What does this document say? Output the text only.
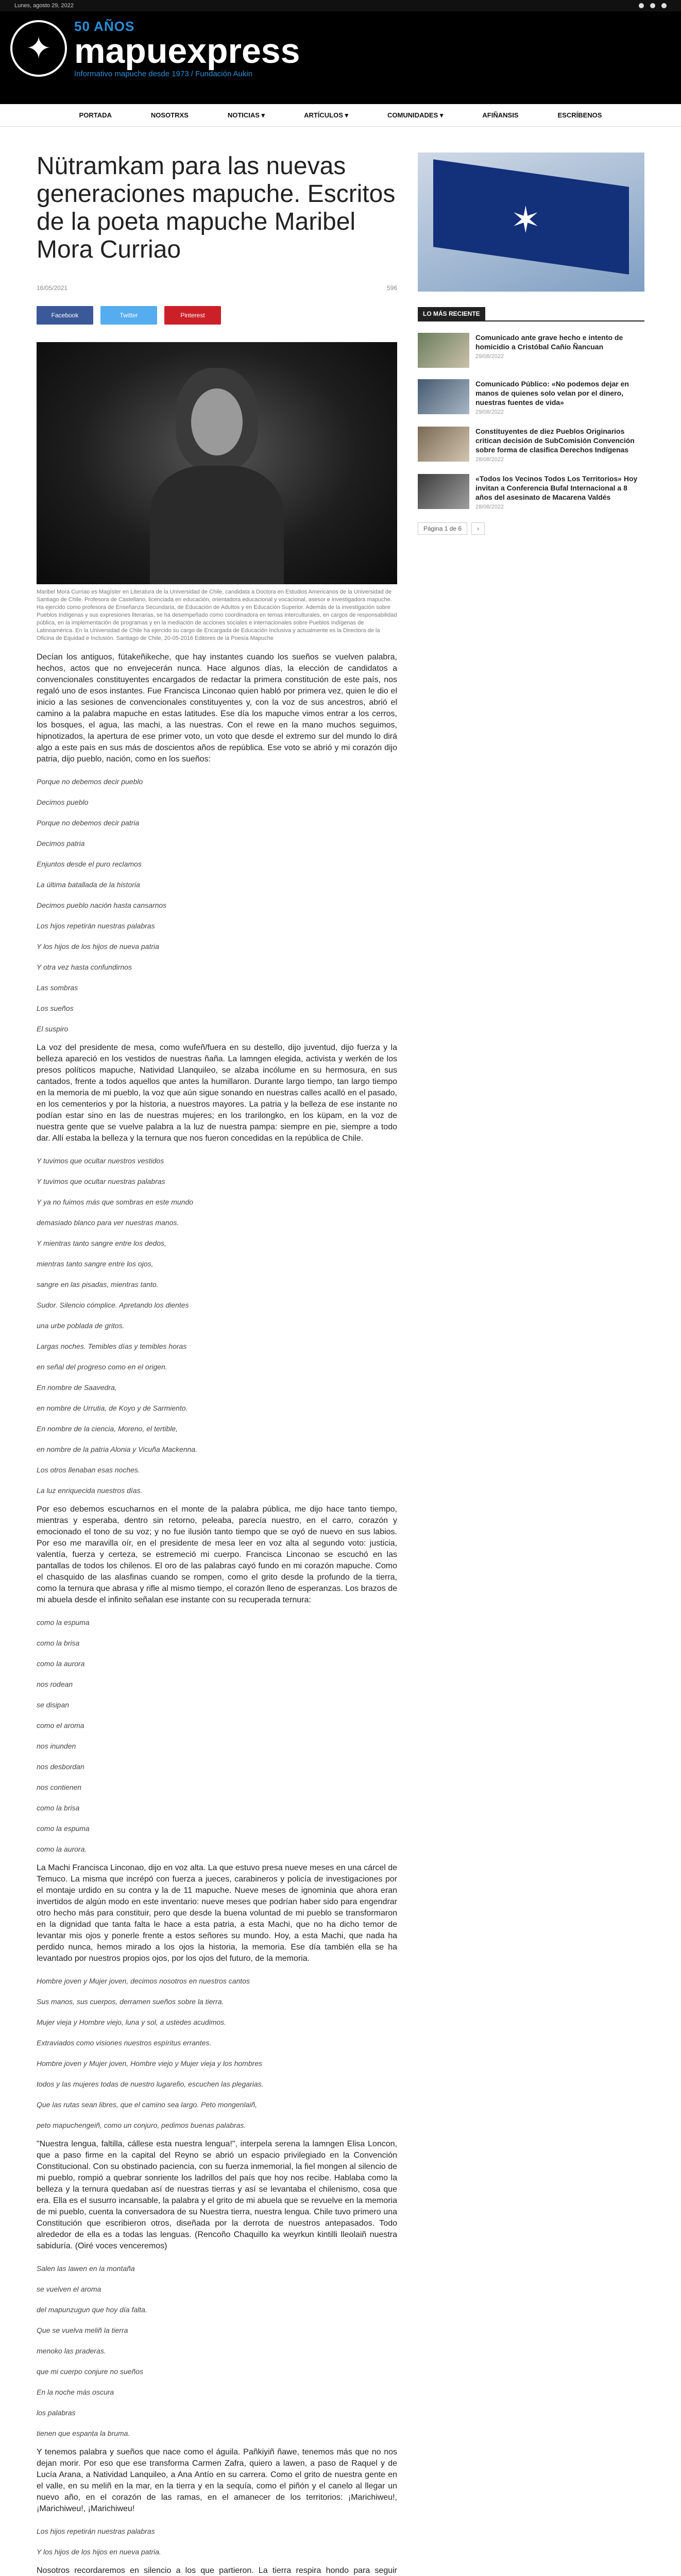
Lunes, agosto 29, 2022
✦
50 AÑOS
mapuexpress
Informativo mapuche desde 1973 / Fundación Aukin
PORTADA	NOSOTRXS	NOTICIAS ▾	ARTÍCULOS ▾	COMUNIDADES ▾	AFIÑANSIS	ESCRÍBENOS
Nütramkam para las nuevas generaciones mapuche. Escritos de la poeta mapuche Maribel Mora Curriao
16/05/2021	596
Facebook	Twitter	Pinterest

Maribel Mora Curriao es Magíster en Literatura de la Universidad de Chile, candidata a Doctora en Estudios Americanos de la Universidad de Santiago de Chile. Profesora de Castellano, licenciada en educación, orientadora educacional y vocacional, asesor e investigadora mapuche. Ha ejercido como profesora de Enseñanza Secundaria, de Educación de Adultos y en Educación Superior. Además de la investigación sobre Pueblos Indígenas y sus expresiones literarias, se ha desempeñado como coordinadora en temas interculturales, en cargos de responsabilidad pública, en la implementación de programas y en la mediación de acciones sociales e internacionales sobre Pueblos Indígenas de Latinoamérica. En la Universidad de Chile ha ejercido su cargo de Encargada de Educación Inclusiva y actualmente es la Directora de la Oficina de Equidad e Inclusión. Santiago de Chile, 20-05-2016 Editores de la Poesía Mapuche

Decían los antiguos, fütakeñikeche, que hay instantes cuando los sueños se vuelven palabra, hechos, actos que no envejecerán nunca. Hace algunos días, la elección de candidatos a convencionales constituyentes encargados de redactar la primera constitución de este país, nos regaló uno de esos instantes. Fue Francisca Linconao quien habló por primera vez, quien le dio el inicio a las sesiones de convencionales constituyentes y, con la voz de sus ancestros, abrió el camino a la palabra mapuche en estas latitudes. Ese día los mapuche vimos entrar a los cerros, los bosques, el agua, las machi, a las nuestras. Con el rewe en la mano muchos seguimos, hipnotizados, la apertura de ese primer voto, un voto que desde el extremo sur del mundo lo dirá algo a este país en sus más de doscientos años de república. Ese voto se abrió y mi corazón dijo patria, dijo pueblo, nación, como en los sueños:

Porque no debemos decir pueblo

Decimos pueblo

Porque no debemos decir patria

Decimos patria

Enjuntos desde el puro reclamos

La última batallada de la historia

Decimos pueblo nación hasta cansarnos

Los hijos repetirán nuestras palabras

Y los hijos de los hijos de nueva patria

Y otra vez hasta confundirnos

Las sombras

Los sueños

El suspiro

La voz del presidente de mesa, como wufeñ/fuera en su destello, dijo juventud, dijo fuerza y la belleza apareció en los vestidos de nuestras ñaña. La lamngen elegida, activista y werkén de los presos políticos mapuche, Natividad Llanquileo, se alzaba incólume en su hermosura, en sus cantados, frente a todos aquellos que antes la humillaron. Durante largo tiempo, tan largo tiempo en la memoria de mi pueblo, la voz que aún sigue sonando en nuestras calles acalló en el pasado, en los cementerios y por la historia, a nuestros mayores. La patria y la belleza de ese instante no podían estar sino en las de nuestras mujeres; en los trarilongko, en los küpam, en la voz de nuestra gente que se vuelve palabra a la luz de nuestra pampa: siempre en pie, siempre a todo dar. Allí estaba la belleza y la ternura que nos fueron concedidas en la república de Chile.

Y tuvimos que ocultar nuestros vestidos

Y tuvimos que ocultar nuestras palabras

Y ya no fuimos más que sombras en este mundo

demasiado blanco para ver nuestras manos.

Y mientras tanto sangre entre los dedos,

mientras tanto sangre entre los ojos,

sangre en las pisadas, mientras tanto.

Sudor. Silencio cómplice. Apretando los dientes

una urbe poblada de gritos.

Largas noches. Temibles días y temibles horas

en señal del progreso como en el origen.

En nombre de Saavedra,

en nombre de Urrutia, de Koyo y de Sarmiento.

En nombre de la ciencia, Moreno, el tertible,

en nombre de la patria Alonia y Vicuña Mackenna.

Los otros llenaban esas noches.

La luz enriquecida nuestros días.

Por eso debemos escucharnos en el monte de la palabra pública, me dijo hace tanto tiempo, mientras y esperaba, dentro sin retorno, peleaba, parecía nuestro, en el carro, corazón y emocionado el tono de su voz; y no fue ilusión tanto tiempo que se oyó de nuevo en sus labios. Por eso me maravilla oír, en el presidente de mesa leer en voz alta al segundo voto: justicia, valentía, fuerza y certeza, se estremeció mi cuerpo. Francisca Linconao se escuchó en las pantallas de todos los chilenos. El oro de las palabras cayó fundo en mi corazón mapuche. Como el chasquido de las alasfinas cuando se rompen, como el grito desde la profundo de la tierra, como la ternura que abrasa y rifle al mismo tiempo, el corazón lleno de esperanzas. Los brazos de mi abuela desde el infinito señalan ese instante con su recuperada ternura:

como la espuma

como la brisa

como la aurora

nos rodean

se disipan

como el aroma

nos inunden

nos desbordan

nos contienen

como la brisa

como la espuma

como la aurora.

La Machi Francisca Linconao, dijo en voz alta. La que estuvo presa nueve meses en una cárcel de Temuco. La misma que incrépó con fuerza a jueces, carabineros y policía de investigaciones por el montaje urdido en su contra y la de 11 mapuche. Nueve meses de ignominia que ahora eran invertidos de algún modo en este inventario: nueve meses que podrían haber sido para engendrar otro hecho más para constituir, pero que desde la buena voluntad de mi pueblo se transformaron en la dignidad que tanta falta le hace a esta patria, a esta Machi, que no ha dicho temor de levantar mis ojos y ponerle frente a estos señores su mundo. Hoy, a esta Machi, que nada ha perdido nunca, hemos mirado a los ojos la historia, la memoria. Ese día también ella se ha levantado por nuestros propios ojos, por los ojos del futuro, de la memoria.

Hombre joven y Mujer joven, decimos nosotros en nuestros cantos

Sus manos, sus cuerpos, derramen sueños sobre la tierra.

Mujer vieja y Hombre viejo, luna y sol, a ustedes acudimos.

Extraviados como visiones nuestros espíritus errantes.

Hombre joven y Mujer joven, Hombre viejo y Mujer vieja y los hombres

todos y las mujeres todas de nuestro lugarefio, escuchen las plegarias.

Que las rutas sean libres, que el camino sea largo. Peto mongenlaiñ,

peto mapuchengeiñ, como un conjuro, pedimos buenas palabras.

"Nuestra lengua, faltilla, cállese esta nuestra lengua!", interpela serena la lamngen Elisa Loncon, que a paso firme en la capital del Reyno se abrió un espacio privilegiado en la Convención Constitucional. Con su obstinado paciencia, con su fuerza inmemorial, la fiel mongen al silencio de mi pueblo, rompió a quebrar sonriente los ladrillos del país que hoy nos recibe. Hablaba como la belleza y la ternura quedaban así de nuestras tierras y así se levantaba el chilenismo, cosa que era. Ella es el susurro incansable, la palabra y el grito de mi abuela que se revuelve en la memoria de mi pueblo, cuenta la conversadora de su Nuestra tierra, nuestra lengua. Chile tuvo primero una Constitución que escribieron otros, diseñada por la derrota de nuestros antepasados. Todo alrededor de ella es a todas las lenguas. (Rencoño Chaquillo ka weyrkun kintilli lleolaiñ nuestra sabiduría. (Oiré voces venceremos)

Salen las lawen en la montaña

se vuelven el aroma

del mapunzugun que hoy día falta.

Que se vuelva meliñ la tierra

menoko las praderas.

que mi cuerpo conjure no sueños

En la noche más oscura

los palabras

tienen que espanta la bruma.

Y tenemos palabra y sueños que nace como el águila. Pañkiyiñ ñawe, tenemos más que no nos dejan morir. Por eso que ese transforma Carmen Zafra, quiero a lawen, a paso de Raquel y de Lucía Arana, a Natividad Lanquileo, a Ana Antío en su carrera. Como el grito de nuestra gente en el valle, en su meliñ en la mar, en la tierra y en la sequía, como el piñón y el canelo al llegar un nuevo año, en el corazón de las ramas, en el amanecer de los territorios: ¡Marichiweu!, ¡Marichiweu!, ¡Marichiweu!

Los hijos repetirán nuestras palabras

Y los hijos de los hijos en nueva patria.

Nosotros recordaremos en silencio a los que partieron. La tierra respira hondo para seguir

✶
LO MÁS RECIENTE
Comunicado ante grave hecho e intento de homicidio a Cristóbal Cañío Ñancuan
29/08/2022
Comunicado Público: «No podemos dejar en manos de quienes solo velan por el dinero, nuestras fuentes de vida»
29/08/2022
Constituyentes de diez Pueblos Originarios critican decisión de SubComisión Convención sobre forma de clasifica Derechos Indígenas
28/08/2022
«Todos los Vecinos Todos Los Territorios» Hoy invitan a Conferencia Bufal Internacional a 8 años del asesinato de Macarena Valdés
28/08/2022
Página 1 de 6	›
